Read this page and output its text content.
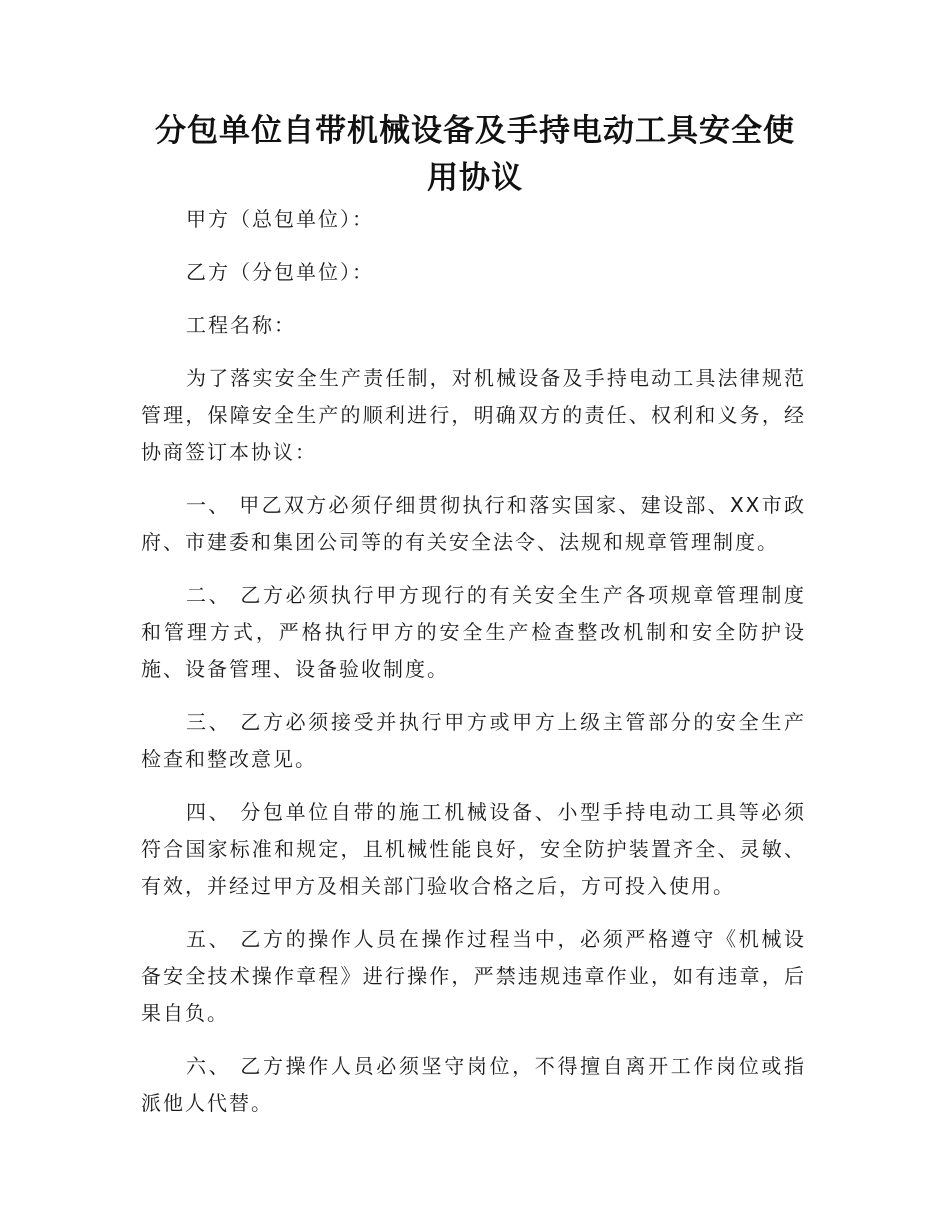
分包单位自带机械设备及手持电动工具安全使用协议

甲方（总包单位）：

乙方（分包单位）：

工程名称：

为了落实安全生产责任制，对机械设备及手持电动工具法律规范管理，保障安全生产的顺利进行，明确双方的责任、权利和义务，经协商签订本协议：

一、 甲乙双方必须仔细贯彻执行和落实国家、建设部、XX市政府、市建委和集团公司等的有关安全法令、法规和规章管理制度。

二、 乙方必须执行甲方现行的有关安全生产各项规章管理制度和管理方式，严格执行甲方的安全生产检查整改机制和安全防护设施、设备管理、设备验收制度。

三、 乙方必须接受并执行甲方或甲方上级主管部分的安全生产检查和整改意见。

四、 分包单位自带的施工机械设备、小型手持电动工具等必须符合国家标准和规定，且机械性能良好，安全防护装置齐全、灵敏、有效，并经过甲方及相关部门验收合格之后，方可投入使用。

五、 乙方的操作人员在操作过程当中，必须严格遵守《机械设备安全技术操作章程》进行操作，严禁违规违章作业，如有违章，后果自负。

六、 乙方操作人员必须坚守岗位，不得擅自离开工作岗位或指派他人代替。
